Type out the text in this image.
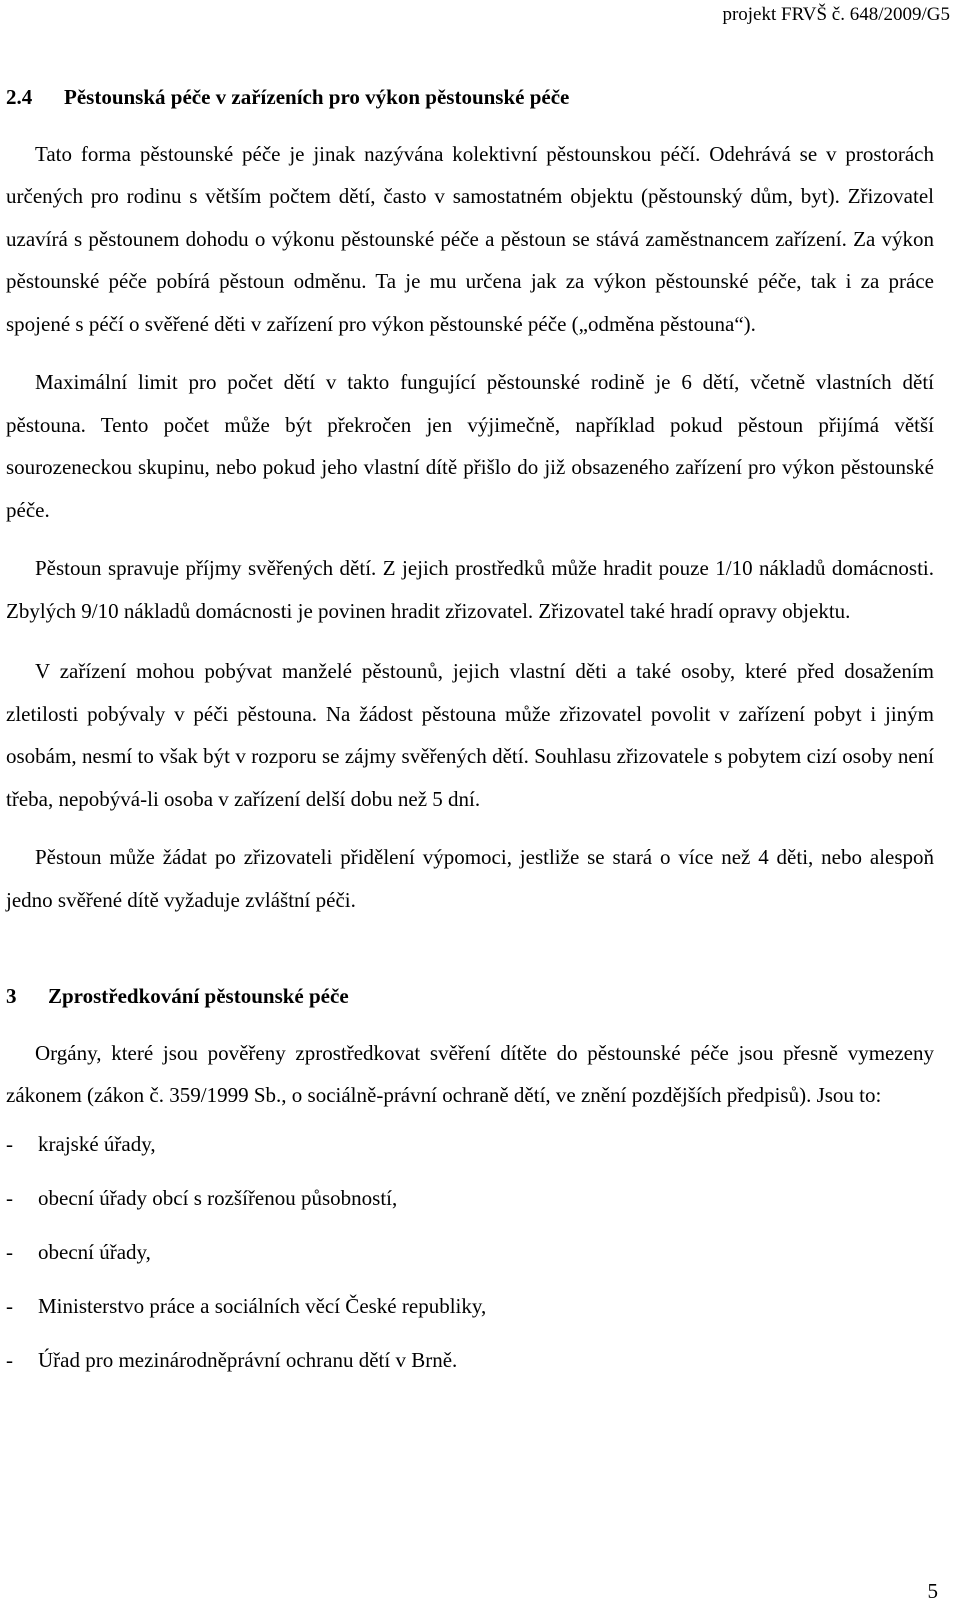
projekt FRVŠ č. 648/2009/G5
2.4	Pěstounská péče v zařízeních pro výkon pěstounské péče

Tato forma pěstounské péče je jinak nazývána kolektivní pěstounskou péčí. Odehrává se v prostorách určených pro rodinu s větším počtem dětí, často v samostatném objektu (pěstounský dům, byt). Zřizovatel uzavírá s pěstounem dohodu o výkonu pěstounské péče a pěstoun se stává zaměstnancem zařízení. Za výkon pěstounské péče pobírá pěstoun odměnu. Ta je mu určena jak za výkon pěstounské péče, tak i za práce spojené s péčí o svěřené děti v zařízení pro výkon pěstounské péče („odměna pěstouna“).

Maximální limit pro počet dětí v takto fungující pěstounské rodině je 6 dětí, včetně vlastních dětí pěstouna. Tento počet může být překročen jen výjimečně, například pokud pěstoun přijímá větší sourozeneckou skupinu, nebo pokud jeho vlastní dítě přišlo do již obsazeného zařízení pro výkon pěstounské péče.

Pěstoun spravuje příjmy svěřených dětí. Z jejich prostředků může hradit pouze 1/10 nákladů domácnosti. Zbylých 9/10 nákladů domácnosti je povinen hradit zřizovatel. Zřizovatel také hradí opravy objektu.

V zařízení mohou pobývat manželé pěstounů, jejich vlastní děti a také osoby, které před dosažením zletilosti pobývaly v péči pěstouna. Na žádost pěstouna může zřizovatel povolit v zařízení pobyt i jiným osobám, nesmí to však být v rozporu se zájmy svěřených dětí. Souhlasu zřizovatele s pobytem cizí osoby není třeba, nepobývá-li osoba v zařízení delší dobu než 5 dní.

Pěstoun může žádat po zřizovateli přidělení výpomoci, jestliže se stará o více než 4 děti, nebo alespoň jedno svěřené dítě vyžaduje zvláštní péči.

3	Zprostředkování pěstounské péče

Orgány, které jsou pověřeny zprostředkovat svěření dítěte do pěstounské péče jsou přesně vymezeny zákonem (zákon č. 359/1999 Sb., o sociálně-právní ochraně dětí, ve znění pozdějších předpisů). Jsou to:

-	krajské úřady,
-	obecní úřady obcí s rozšířenou působností,
-	obecní úřady,
-	Ministerstvo práce a sociálních věcí České republiky,
-	Úřad pro mezinárodněprávní ochranu dětí v Brně.
5
